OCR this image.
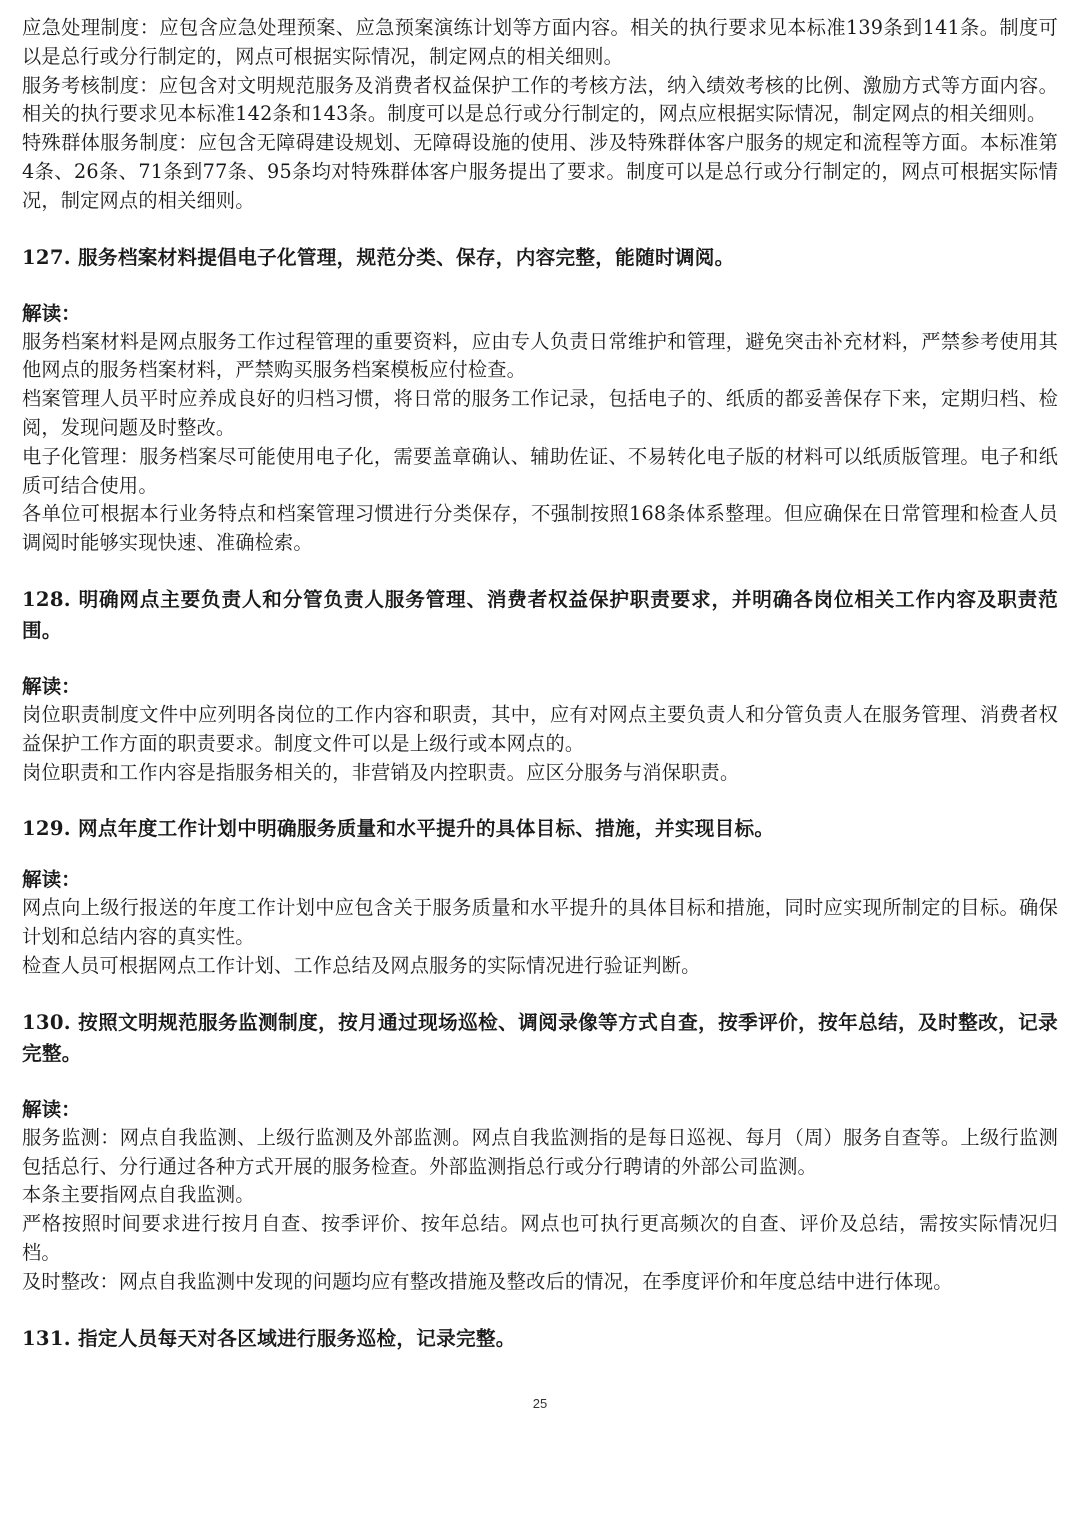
应急处理制度：应包含应急处理预案、应急预案演练计划等方面内容。相关的执行要求见本标准139条到141条。制度可以是总行或分行制定的，网点可根据实际情况，制定网点的相关细则。

服务考核制度：应包含对文明规范服务及消费者权益保护工作的考核方法，纳入绩效考核的比例、激励方式等方面内容。相关的执行要求见本标准142条和143条。制度可以是总行或分行制定的，网点应根据实际情况，制定网点的相关细则。

特殊群体服务制度：应包含无障碍建设规划、无障碍设施的使用、涉及特殊群体客户服务的规定和流程等方面。本标准第4条、26条、71条到77条、95条均对特殊群体客户服务提出了要求。制度可以是总行或分行制定的，网点可根据实际情况，制定网点的相关细则。

127. 服务档案材料提倡电子化管理，规范分类、保存，内容完整，能随时调阅。

解读：

服务档案材料是网点服务工作过程管理的重要资料，应由专人负责日常维护和管理，避免突击补充材料，严禁参考使用其他网点的服务档案材料，严禁购买服务档案模板应付检查。

档案管理人员平时应养成良好的归档习惯，将日常的服务工作记录，包括电子的、纸质的都妥善保存下来，定期归档、检阅，发现问题及时整改。

电子化管理：服务档案尽可能使用电子化，需要盖章确认、辅助佐证、不易转化电子版的材料可以纸质版管理。电子和纸质可结合使用。

各单位可根据本行业务特点和档案管理习惯进行分类保存，不强制按照168条体系整理。但应确保在日常管理和检查人员调阅时能够实现快速、准确检索。

128. 明确网点主要负责人和分管负责人服务管理、消费者权益保护职责要求，并明确各岗位相关工作内容及职责范围。

解读：

岗位职责制度文件中应列明各岗位的工作内容和职责，其中，应有对网点主要负责人和分管负责人在服务管理、消费者权益保护工作方面的职责要求。制度文件可以是上级行或本网点的。

岗位职责和工作内容是指服务相关的，非营销及内控职责。应区分服务与消保职责。

129. 网点年度工作计划中明确服务质量和水平提升的具体目标、措施，并实现目标。

解读：

网点向上级行报送的年度工作计划中应包含关于服务质量和水平提升的具体目标和措施，同时应实现所制定的目标。确保计划和总结内容的真实性。

检查人员可根据网点工作计划、工作总结及网点服务的实际情况进行验证判断。

130. 按照文明规范服务监测制度，按月通过现场巡检、调阅录像等方式自查，按季评价，按年总结，及时整改，记录完整。

解读：

服务监测：网点自我监测、上级行监测及外部监测。网点自我监测指的是每日巡视、每月（周）服务自查等。上级行监测包括总行、分行通过各种方式开展的服务检查。外部监测指总行或分行聘请的外部公司监测。

本条主要指网点自我监测。

严格按照时间要求进行按月自查、按季评价、按年总结。网点也可执行更高频次的自查、评价及总结，需按实际情况归档。

及时整改：网点自我监测中发现的问题均应有整改措施及整改后的情况，在季度评价和年度总结中进行体现。

131. 指定人员每天对各区域进行服务巡检，记录完整。

25
